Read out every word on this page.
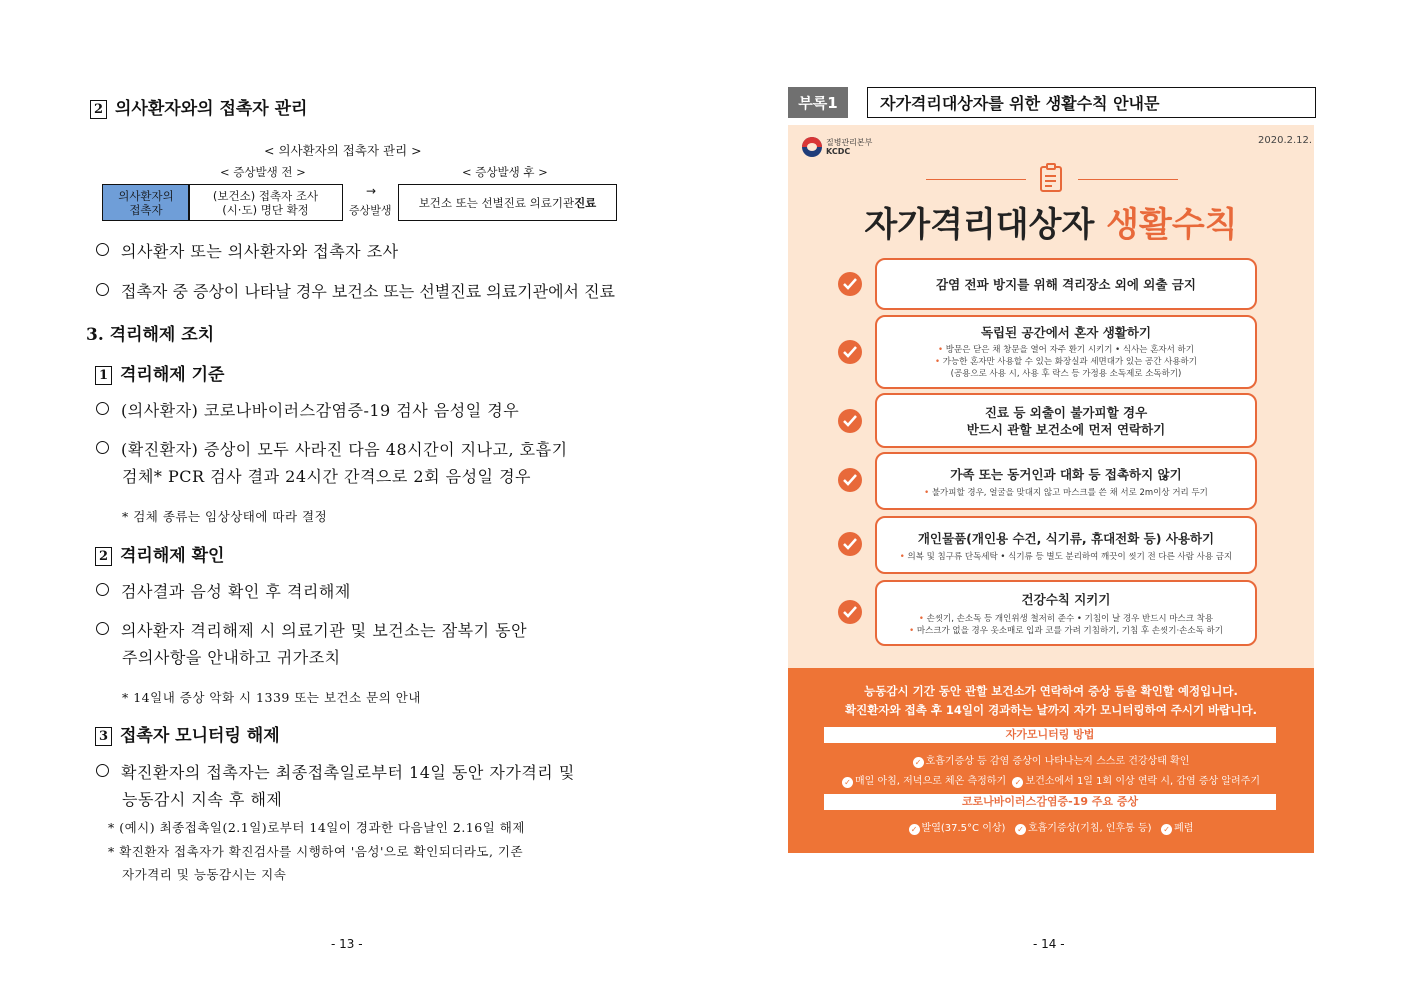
2 의사환자와의 접촉자 관리
< 의사환자의 접촉자 관리 >
< 증상발생 전 >	< 증상발생 후 >
의사환자의
접촉자
(보건소) 접촉자 조사
(시·도) 명단 확정
→
증상발생
보건소 또는 선별진료 의료기관 진료
의사환자 또는 의사환자와 접촉자 조사
접촉자 중 증상이 나타날 경우 보건소 또는 선별진료 의료기관에서 진료
3. 격리해제 조치
1 격리해제 기준
(의사환자) 코로나바이러스감염증-19 검사 음성일 경우
(확진환자) 증상이 모두 사라진 다음 48시간이 지나고, 호흡기
검체* PCR 검사 결과 24시간 간격으로 2회 음성일 경우
* 검체 종류는 임상상태에 따라 결정
2 격리해제 확인
검사결과 음성 확인 후 격리해제
의사환자 격리해제 시 의료기관 및 보건소는 잠복기 동안
주의사항을 안내하고 귀가조치
* 14일내 증상 악화 시 1339 또는 보건소 문의 안내
3 접촉자 모니터링 해제
확진환자의 접촉자는 최종접촉일로부터 14일 동안 자가격리 및
능동감시 지속 후 해제
* (예시) 최종접촉일(2.1일)로부터 14일이 경과한 다음날인 2.16일 해제
* 확진환자 접촉자가 확진검사를 시행하여 '음성'으로 확인되더라도, 기존
자가격리 및 능동감시는 지속
- 13 -
부록1	자가격리대상자를 위한 생활수칙 안내문
질병관리본부
KCDC
2020.2.12.
자가격리대상자 생활수칙
감염 전파 방지를 위해 격리장소 외에 외출 금지
독립된 공간에서 혼자 생활하기
• 방문은 닫은 채 창문을 열어 자주 환기 시키기 • 식사는 혼자서 하기
• 가능한 혼자만 사용할 수 있는 화장실과 세면대가 있는 공간 사용하기
(공용으로 사용 시, 사용 후 락스 등 가정용 소독제로 소독하기)
진료 등 외출이 불가피할 경우
반드시 관할 보건소에 먼저 연락하기
가족 또는 동거인과 대화 등 접촉하지 않기
• 불가피할 경우, 얼굴을 맞대지 않고 마스크를 쓴 채 서로 2m이상 거리 두기
개인물품(개인용 수건, 식기류, 휴대전화 등) 사용하기
• 의복 및 침구류 단독세탁 • 식기류 등 별도 분리하여 깨끗이 씻기 전 다른 사람 사용 금지
건강수칙 지키기
• 손씻기, 손소독 등 개인위생 철저히 준수 • 기침이 날 경우 반드시 마스크 착용
• 마스크가 없을 경우 옷소매로 입과 코를 가려 기침하기, 기침 후 손씻기·손소독 하기
능동감시 기간 동안 관할 보건소가 연락하여 증상 등을 확인할 예정입니다.
확진환자와 접촉 후 14일이 경과하는 날까지 자가 모니터링하여 주시기 바랍니다.
자가모니터링 방법
✓ 호흡기증상 등 감염 증상이 나타나는지 스스로 건강상태 확인
✓ 매일 아침, 저녁으로 체온 측정하기 ✓ 보건소에서 1일 1회 이상 연락 시, 감염 증상 알려주기
코로나바이러스감염증-19 주요 증상
✓ 발열(37.5°C 이상) ✓ 호흡기증상(기침, 인후통 등) ✓ 폐렴
- 14 -
